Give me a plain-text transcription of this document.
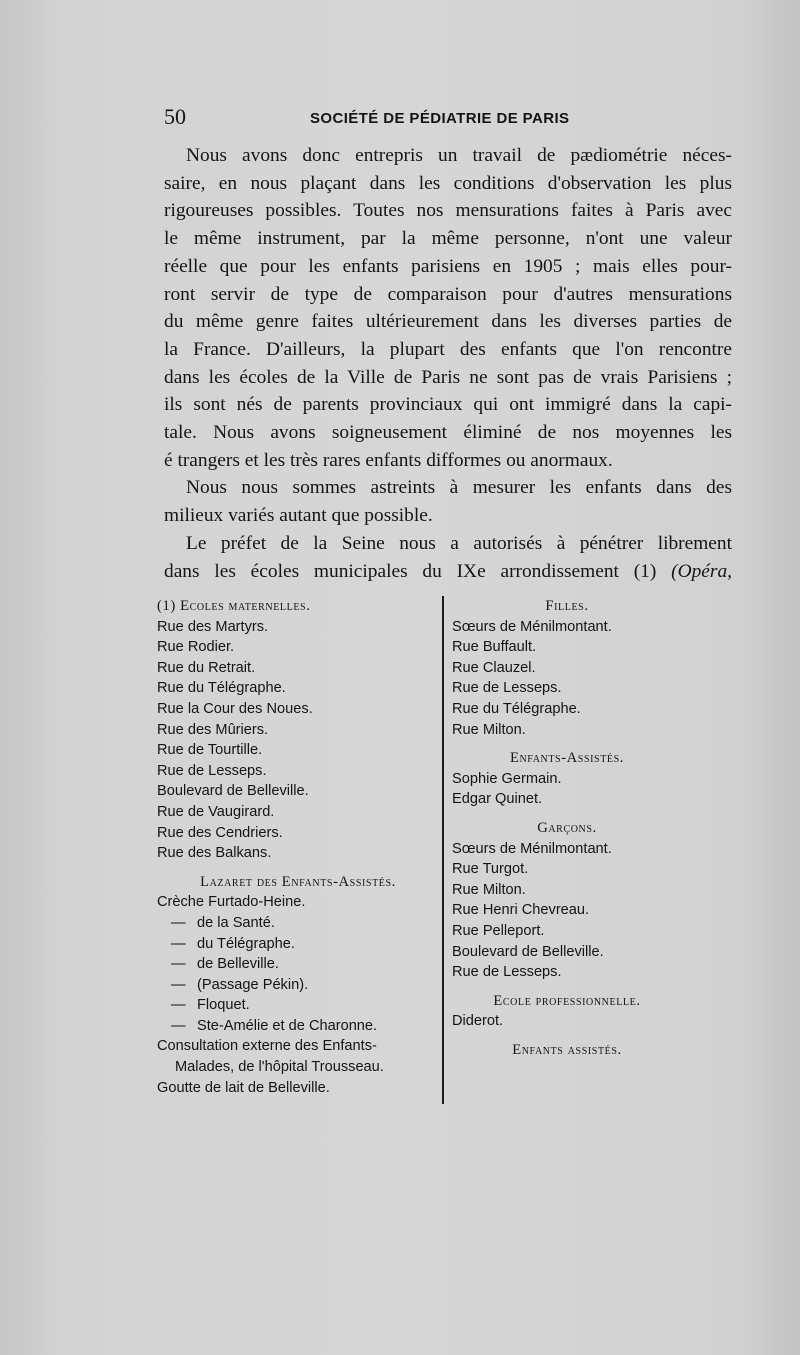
50	SOCIÉTÉ DE PÉDIATRIE DE PARIS

Nous avons donc entrepris un travail de pædiométrie néces-
saire, en nous plaçant dans les conditions d'observation les plus
rigoureuses possibles. Toutes nos mensurations faites à Paris avec
le même instrument, par la même personne, n'ont une valeur
réelle que pour les enfants parisiens en 1905 ; mais elles pour-
ront servir de type de comparaison pour d'autres mensurations
du même genre faites ultérieurement dans les diverses parties de
la France. D'ailleurs, la plupart des enfants que l'on rencontre
dans les écoles de la Ville de Paris ne sont pas de vrais Parisiens ;
ils sont nés de parents provinciaux qui ont immigré dans la capi-
tale. Nous avons soigneusement éliminé de nos moyennes les
é trangers et les très rares enfants difformes ou anormaux.

Nous nous sommes astreints à mesurer les enfants dans des
milieux variés autant que possible.

Le préfet de la Seine nous a autorisés à pénétrer librement
dans les écoles municipales du IXe arrondissement (1) (Opéra,

(1) Ecoles maternelles.
Rue des Martyrs.
Rue Rodier.
Rue du Retrait.
Rue du Télégraphe.
Rue la Cour des Noues.
Rue des Mûriers.
Rue de Tourtille.
Rue de Lesseps.
Boulevard de Belleville.
Rue de Vaugirard.
Rue des Cendriers.
Rue des Balkans.
Lazaret des Enfants-Assistés.
Crèche Furtado-Heine.
— de la Santé.
— du Télégraphe.
— de Belleville.
— (Passage Pékin).
— Floquet.
— Ste-Amélie et de Charonne.
Consultation externe des Enfants-
Malades, de l'hôpital Trousseau.
Goutte de lait de Belleville.
Filles.
Sœurs de Ménilmontant.
Rue Buffault.
Rue Clauzel.
Rue de Lesseps.
Rue du Télégraphe.
Rue Milton.
Enfants-Assistés.
Sophie Germain.
Edgar Quinet.
Garçons.
Sœurs de Ménilmontant.
Rue Turgot.
Rue Milton.
Rue Henri Chevreau.
Rue Pelleport.
Boulevard de Belleville.
Rue de Lesseps.
Ecole professionnelle.
Diderot.
Enfants assistés.
